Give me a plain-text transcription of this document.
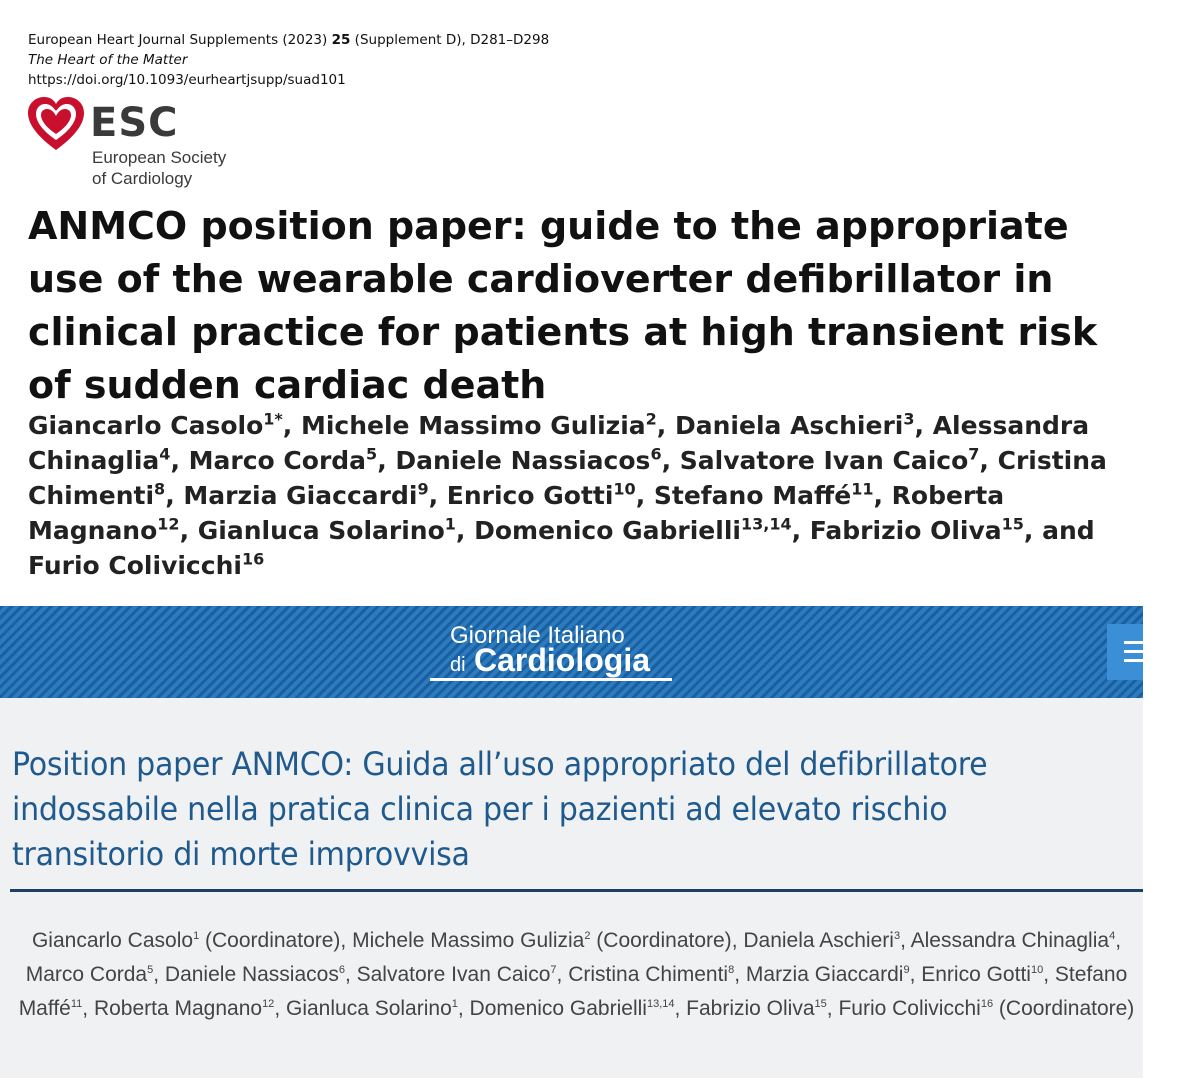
European Heart Journal Supplements (2023) 25 (Supplement D), D281–D298
The Heart of the Matter
https://doi.org/10.1093/eurheartjsupp/suad101
ESC
European Society
of Cardiology
ANMCO position paper: guide to the appropriate use of the wearable cardioverter defibrillator in clinical practice for patients at high transient risk of sudden cardiac death

Giancarlo Casolo$^{1*}$, Michele Massimo Gulizia$^2$, Daniela Aschieri$^3$, Alessandra Chinaglia$^4$, Marco Corda$^5$, Daniele Nassiacos$^6$, Salvatore Ivan Caico$^7$, Cristina Chimenti$^8$, Marzia Giaccardi$^9$, Enrico Gotti$^{10}$, Stefano Maffé$^{11}$, Roberta Magnano$^{12}$, Gianluca Solarino$^1$, Domenico Gabrielli$^{13,14}$, Fabrizio Oliva$^{15}$, and Furio Colivicchi$^{16}$

Giornale Italiano
di Cardiologia
Position paper ANMCO: Guida all’uso appropriato del defibrillatore indossabile nella pratica clinica per i pazienti ad elevato rischio transitorio di morte improvvisa

Giancarlo Casolo$^1$ (Coordinatore), Michele Massimo Gulizia$^2$ (Coordinatore), Daniela Aschieri$^3$, Alessandra Chinaglia$^4$, Marco Corda$^5$, Daniele Nassiacos$^6$, Salvatore Ivan Caico$^7$, Cristina Chimenti$^8$, Marzia Giaccardi$^9$, Enrico Gotti$^{10}$, Stefano Maffé$^{11}$, Roberta Magnano$^{12}$, Gianluca Solarino$^1$, Domenico Gabrielli$^{13,14}$, Fabrizio Oliva$^{15}$, Furio Colivicchi$^{16}$ (Coordinatore)
